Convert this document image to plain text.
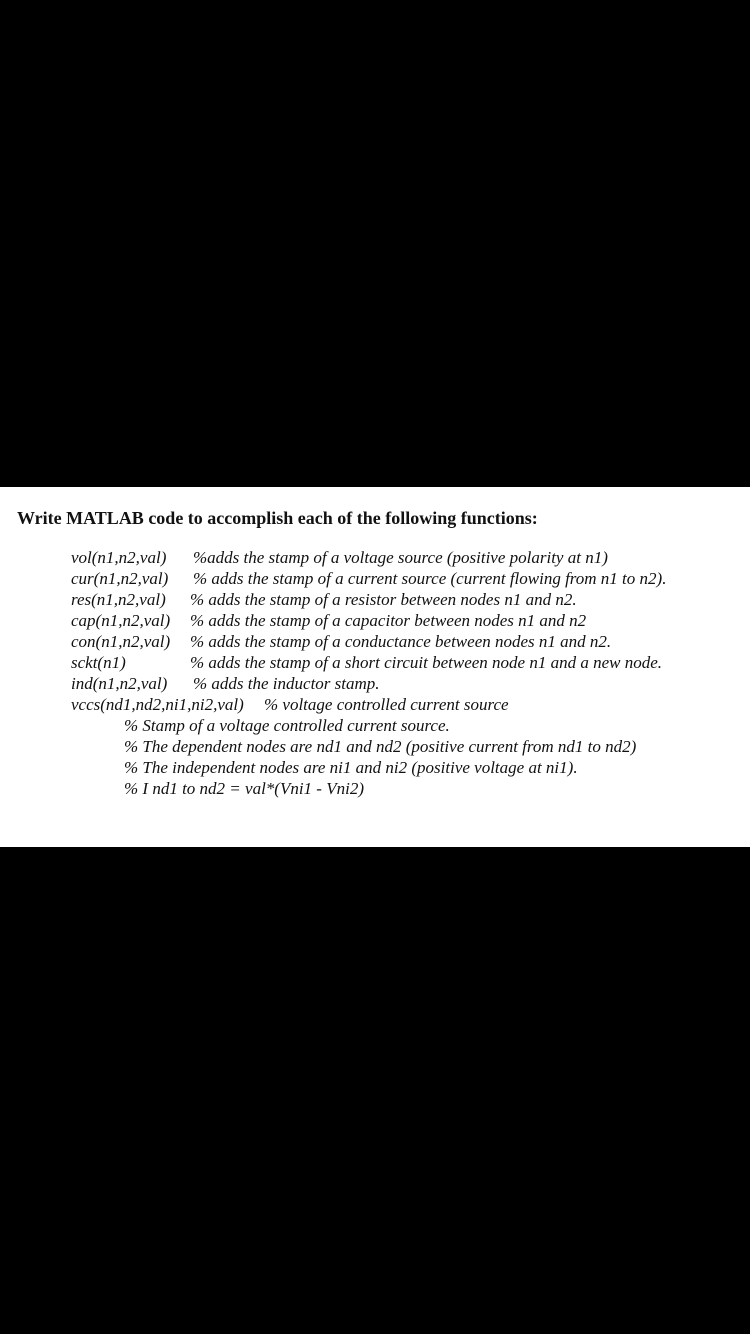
Write MATLAB code to accomplish each of the following functions:
vol(n1,n2,val) %adds the stamp of a voltage source (positive polarity at n1)
cur(n1,n2,val) % adds the stamp of a current source (current flowing from n1 to n2).
res(n1,n2,val) % adds the stamp of a resistor between nodes n1 and n2.
cap(n1,n2,val) % adds the stamp of a capacitor between nodes n1 and n2
con(n1,n2,val) % adds the stamp of a conductance between nodes n1 and n2.
sckt(n1)	% adds the stamp of a short circuit between node n1 and a new node.
ind(n1,n2,val) % adds the inductor stamp.
vccs(nd1,nd2,ni1,ni2,val) % voltage controlled current source
% Stamp of a voltage controlled current source.
% The dependent nodes are nd1 and nd2 (positive current from nd1 to nd2)
% The independent nodes are ni1 and ni2 (positive voltage at ni1).
% I nd1 to nd2 = val*(Vni1 - Vni2)
